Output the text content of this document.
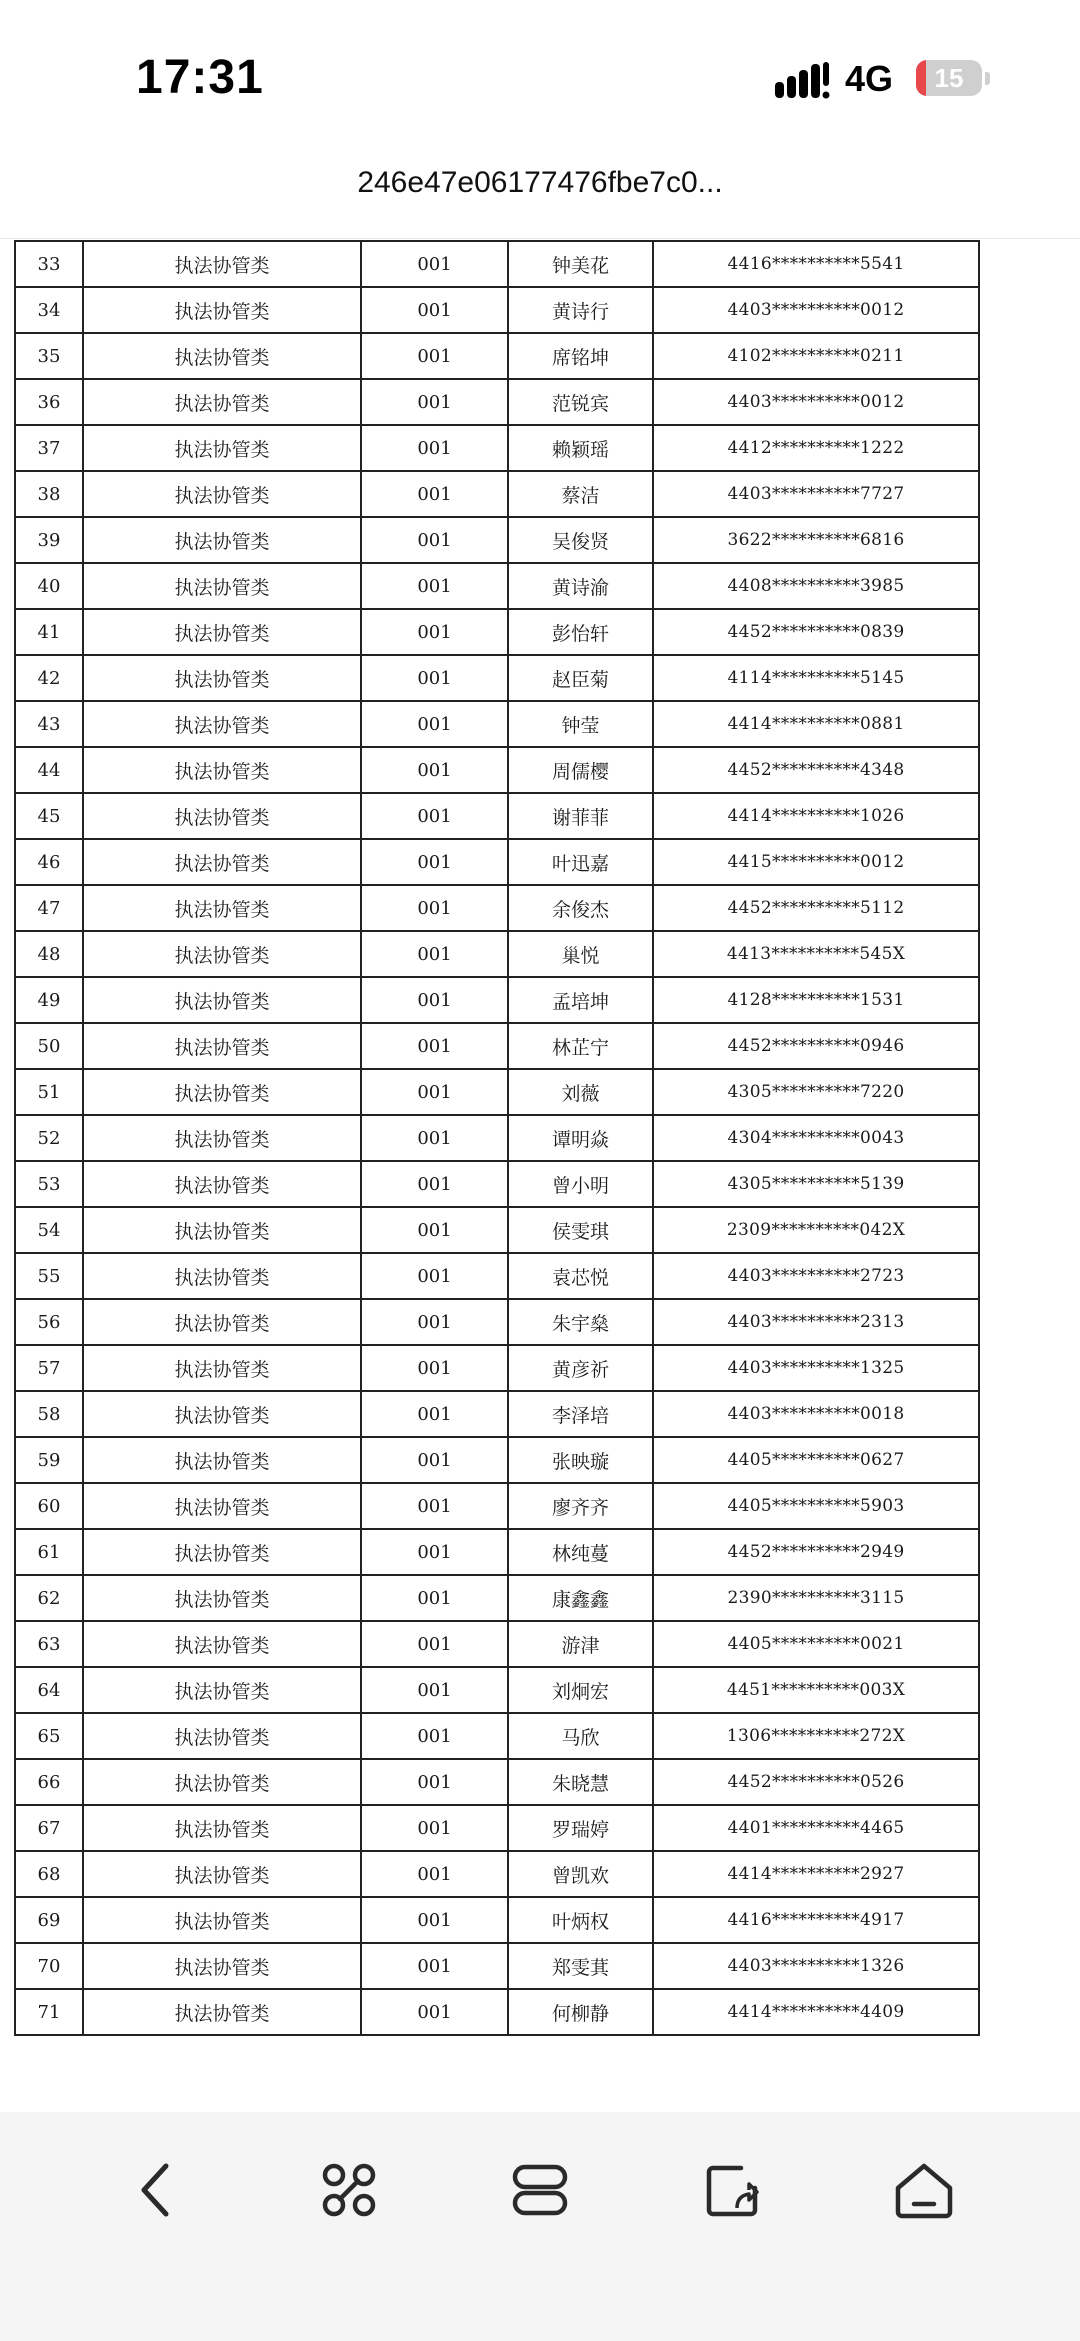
17:31	4G	15
246e47e06177476fbe7c0...
33	执法协管类	001	钟美花	4416**********5541
34	执法协管类	001	黄诗行	4403**********0012
35	执法协管类	001	席铭坤	4102**********0211
36	执法协管类	001	范锐宾	4403**********0012
37	执法协管类	001	赖颖瑶	4412**********1222
38	执法协管类	001	蔡洁	4403**********7727
39	执法协管类	001	吴俊贤	3622**********6816
40	执法协管类	001	黄诗渝	4408**********3985
41	执法协管类	001	彭怡轩	4452**********0839
42	执法协管类	001	赵臣菊	4114**********5145
43	执法协管类	001	钟莹	4414**********0881
44	执法协管类	001	周儒樱	4452**********4348
45	执法协管类	001	谢菲菲	4414**********1026
46	执法协管类	001	叶迅嘉	4415**********0012
47	执法协管类	001	余俊杰	4452**********5112
48	执法协管类	001	巢悦	4413**********545X
49	执法协管类	001	孟培坤	4128**********1531
50	执法协管类	001	林芷宁	4452**********0946
51	执法协管类	001	刘薇	4305**********7220
52	执法协管类	001	谭明焱	4304**********0043
53	执法协管类	001	曾小明	4305**********5139
54	执法协管类	001	侯雯琪	2309**********042X
55	执法协管类	001	袁芯悦	4403**********2723
56	执法协管类	001	朱宇燊	4403**********2313
57	执法协管类	001	黄彦祈	4403**********1325
58	执法协管类	001	李泽培	4403**********0018
59	执法协管类	001	张映璇	4405**********0627
60	执法协管类	001	廖齐齐	4405**********5903
61	执法协管类	001	林纯蔓	4452**********2949
62	执法协管类	001	康鑫鑫	2390**********3115
63	执法协管类	001	游津	4405**********0021
64	执法协管类	001	刘炯宏	4451**********003X
65	执法协管类	001	马欣	1306**********272X
66	执法协管类	001	朱晓慧	4452**********0526
67	执法协管类	001	罗瑞婷	4401**********4465
68	执法协管类	001	曾凯欢	4414**********2927
69	执法协管类	001	叶炳权	4416**********4917
70	执法协管类	001	郑雯萁	4403**********1326
71	执法协管类	001	何柳静	4414**********4409
